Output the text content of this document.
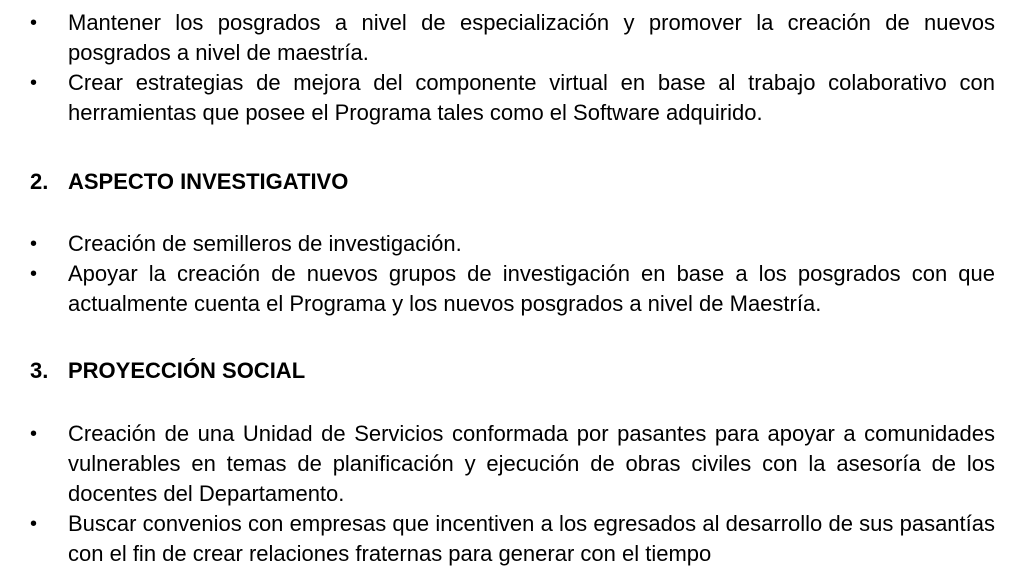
•	Mantener los posgrados a nivel de especialización y promover la creación de nuevos posgrados a nivel de maestría.
•	Crear estrategias de mejora del componente virtual en base al trabajo colaborativo con herramientas que posee el Programa tales como el Software adquirido.
2. ASPECTO INVESTIGATIVO
•	Creación de semilleros de investigación.
•	Apoyar la creación de nuevos grupos de investigación en base a los posgrados con que actualmente cuenta el Programa y los nuevos posgrados a nivel de Maestría.
3. PROYECCIÓN SOCIAL
•	Creación de una Unidad de Servicios conformada por pasantes para apoyar a comunidades vulnerables en temas de planificación y ejecución de obras civiles con la asesoría de los docentes del Departamento.
•	Buscar convenios con empresas que incentiven a los egresados al desarrollo de sus pasantías con el fin de crear relaciones fraternas para generar con el tiempo
